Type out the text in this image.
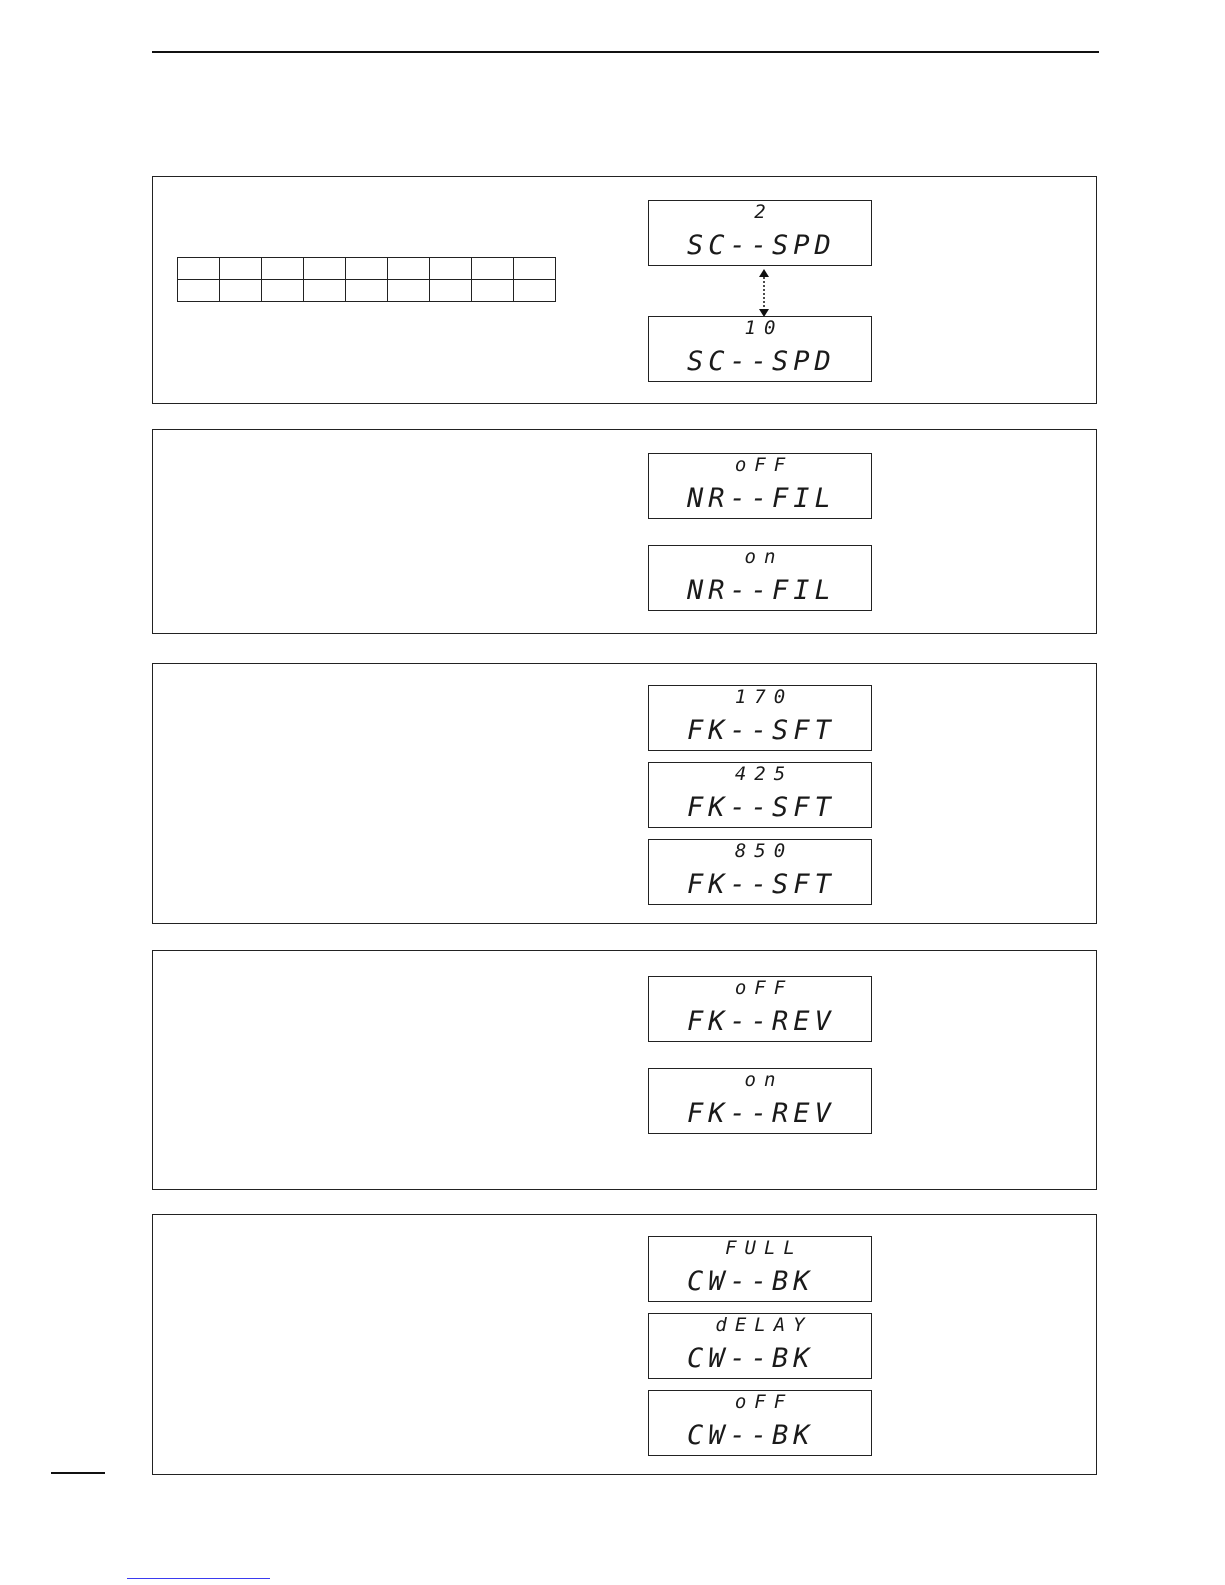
2
SC--SPD
10
SC--SPD
oFF
NR--FIL
on
NR--FIL
170
FK--SFT
425
FK--SFT
850
FK--SFT
oFF
FK--REV
on
FK--REV
FULL
CW--BK
dELAY
CW--BK
oFF
CW--BK
